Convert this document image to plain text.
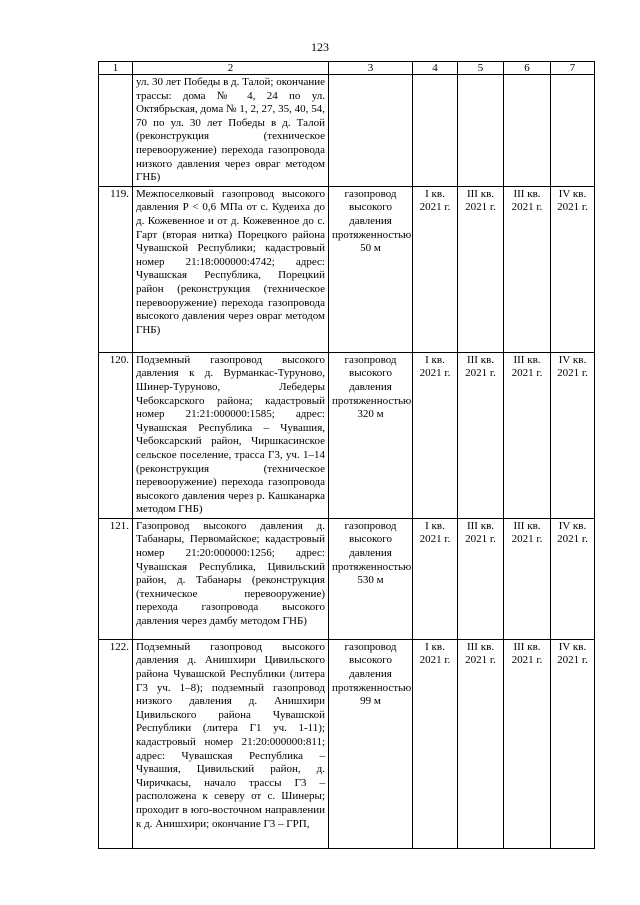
123
1	2	3	4	5	6	7
	ул. 30 лет Победы в д. Талой; окончание трассы: дома № 4, 24 по ул. Октябрьская, дома № 1, 2, 27, 35, 40, 54, 70 по ул. 30 лет Победы в д. Талой (реконструкция (техническое перевооружение) перехода газопровода низкого давления через овраг методом ГНБ)					
119.	Межпоселковый газопровод высокого давления P < 0,6 МПа от с. Кудеиха до д. Кожевенное и от д. Кожевенное до с. Гарт (вторая нитка) Порецкого района Чувашской Республики; кадастровый номер 21:18:000000:4742; адрес: Чувашская Республика, Порецкий район (реконструкция (техническое перевооружение) перехода газопровода высокого давления через овраг методом ГНБ)	газопровод высокого давления протяженностью 50 м	I кв. 2021 г.	III кв. 2021 г.	III кв. 2021 г.	IV кв. 2021 г.
120.	Подземный газопровод высокого давления к д. Вурманкас-Туруново, Шинер-Туруново, Лебедеры Чебоксарского района; кадастровый номер 21:21:000000:1585; адрес: Чувашская Республика – Чувашия, Чебоксарский район, Чиршкасинское сельское поселение, трасса Г3, уч. 1–14 (реконструкция (техническое перевооружение) перехода газопровода высокого давления через р. Кашканарка методом ГНБ)	газопровод высокого давления протяженностью 320 м	I кв. 2021 г.	III кв. 2021 г.	III кв. 2021 г.	IV кв. 2021 г.
121.	Газопровод высокого давления д. Табанары, Первомайское; кадастровый номер 21:20:000000:1256; адрес: Чувашская Республика, Цивильский район, д. Табанары (реконструкция (техническое перевооружение) перехода газопровода высокого давления через дамбу методом ГНБ)	газопровод высокого давления протяженностью 530 м	I кв. 2021 г.	III кв. 2021 г.	III кв. 2021 г.	IV кв. 2021 г.
122.	Подземный газопровод высокого давления д. Анишхири Цивильского района Чувашской Республики (литера Г3 уч. 1–8); подземный газопровод низкого давления д. Анишхири Цивильского района Чувашской Республики (литера Г1 уч. 1-11); кадастровый номер 21:20:000000:811; адрес: Чувашская Республика – Чувашия, Цивильский район, д. Чиричкасы, начало трассы Г3 – расположена к северу от с. Шинеры; проходит в юго-восточном направлении к д. Анишхири; окончание Г3 – ГРП,	газопровод высокого давления протяженностью 99 м	I кв. 2021 г.	III кв. 2021 г.	III кв. 2021 г.	IV кв. 2021 г.
